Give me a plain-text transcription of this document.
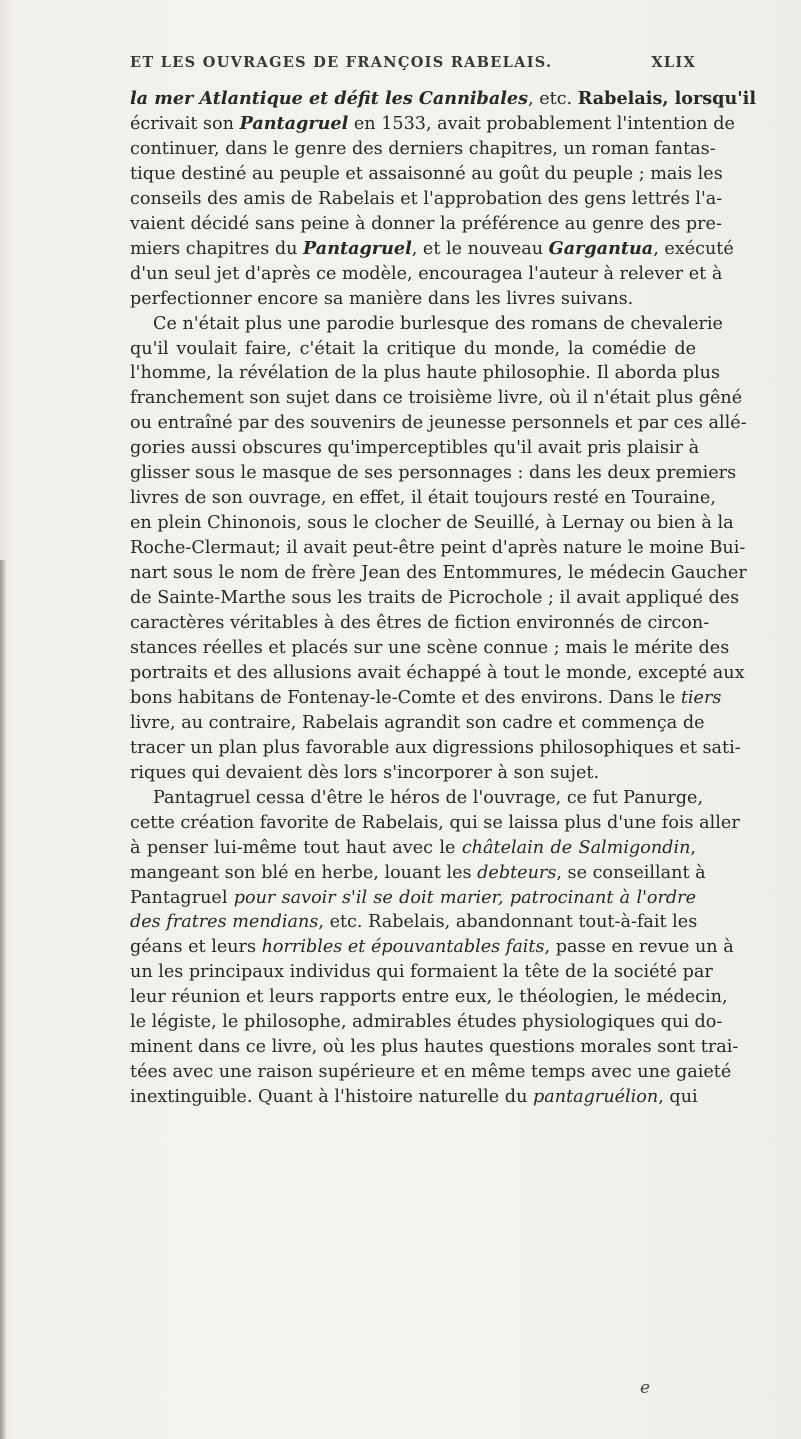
ET LES OUVRAGES DE FRANÇOIS RABELAIS.	XLIX
la mer Atlantique et défit les Cannibales, etc. Rabelais, lorsqu'il
écrivait son Pantagruel en 1533, avait probablement l'intention de
continuer, dans le genre des derniers chapitres, un roman fantas-
tique destiné au peuple et assaisonné au goût du peuple ; mais les
conseils des amis de Rabelais et l'approbation des gens lettrés l'a-
vaient décidé sans peine à donner la préférence au genre des pre-
miers chapitres du Pantagruel, et le nouveau Gargantua, exécuté
d'un seul jet d'après ce modèle, encouragea l'auteur à relever et à
perfectionner encore sa manière dans les livres suivans.
Ce n'était plus une parodie burlesque des romans de chevalerie
qu'il voulait faire, c'était la critique du monde, la comédie de
l'homme, la révélation de la plus haute philosophie. Il aborda plus
franchement son sujet dans ce troisième livre, où il n'était plus gêné
ou entraîné par des souvenirs de jeunesse personnels et par ces allé-
gories aussi obscures qu'imperceptibles qu'il avait pris plaisir à
glisser sous le masque de ses personnages : dans les deux premiers
livres de son ouvrage, en effet, il était toujours resté en Touraine,
en plein Chinonois, sous le clocher de Seuillé, à Lernay ou bien à la
Roche-Clermaut; il avait peut-être peint d'après nature le moine Bui-
nart sous le nom de frère Jean des Entommures, le médecin Gaucher
de Sainte-Marthe sous les traits de Picrochole ; il avait appliqué des
caractères véritables à des êtres de fiction environnés de circon-
stances réelles et placés sur une scène connue ; mais le mérite des
portraits et des allusions avait échappé à tout le monde, excepté aux
bons habitans de Fontenay-le-Comte et des environs. Dans le tiers
livre, au contraire, Rabelais agrandit son cadre et commença de
tracer un plan plus favorable aux digressions philosophiques et sati-
riques qui devaient dès lors s'incorporer à son sujet.
Pantagruel cessa d'être le héros de l'ouvrage, ce fut Panurge,
cette création favorite de Rabelais, qui se laissa plus d'une fois aller
à penser lui-même tout haut avec le châtelain de Salmigondin,
mangeant son blé en herbe, louant les debteurs, se conseillant à
Pantagruel pour savoir s'il se doit marier, patrocinant à l'ordre
des fratres mendians, etc. Rabelais, abandonnant tout-à-fait les
géans et leurs horribles et épouvantables faits, passe en revue un à
un les principaux individus qui formaient la tête de la société par
leur réunion et leurs rapports entre eux, le théologien, le médecin,
le légiste, le philosophe, admirables études physiologiques qui do-
minent dans ce livre, où les plus hautes questions morales sont trai-
tées avec une raison supérieure et en même temps avec une gaieté
inextinguible. Quant à l'histoire naturelle du pantagruélion, qui
e
